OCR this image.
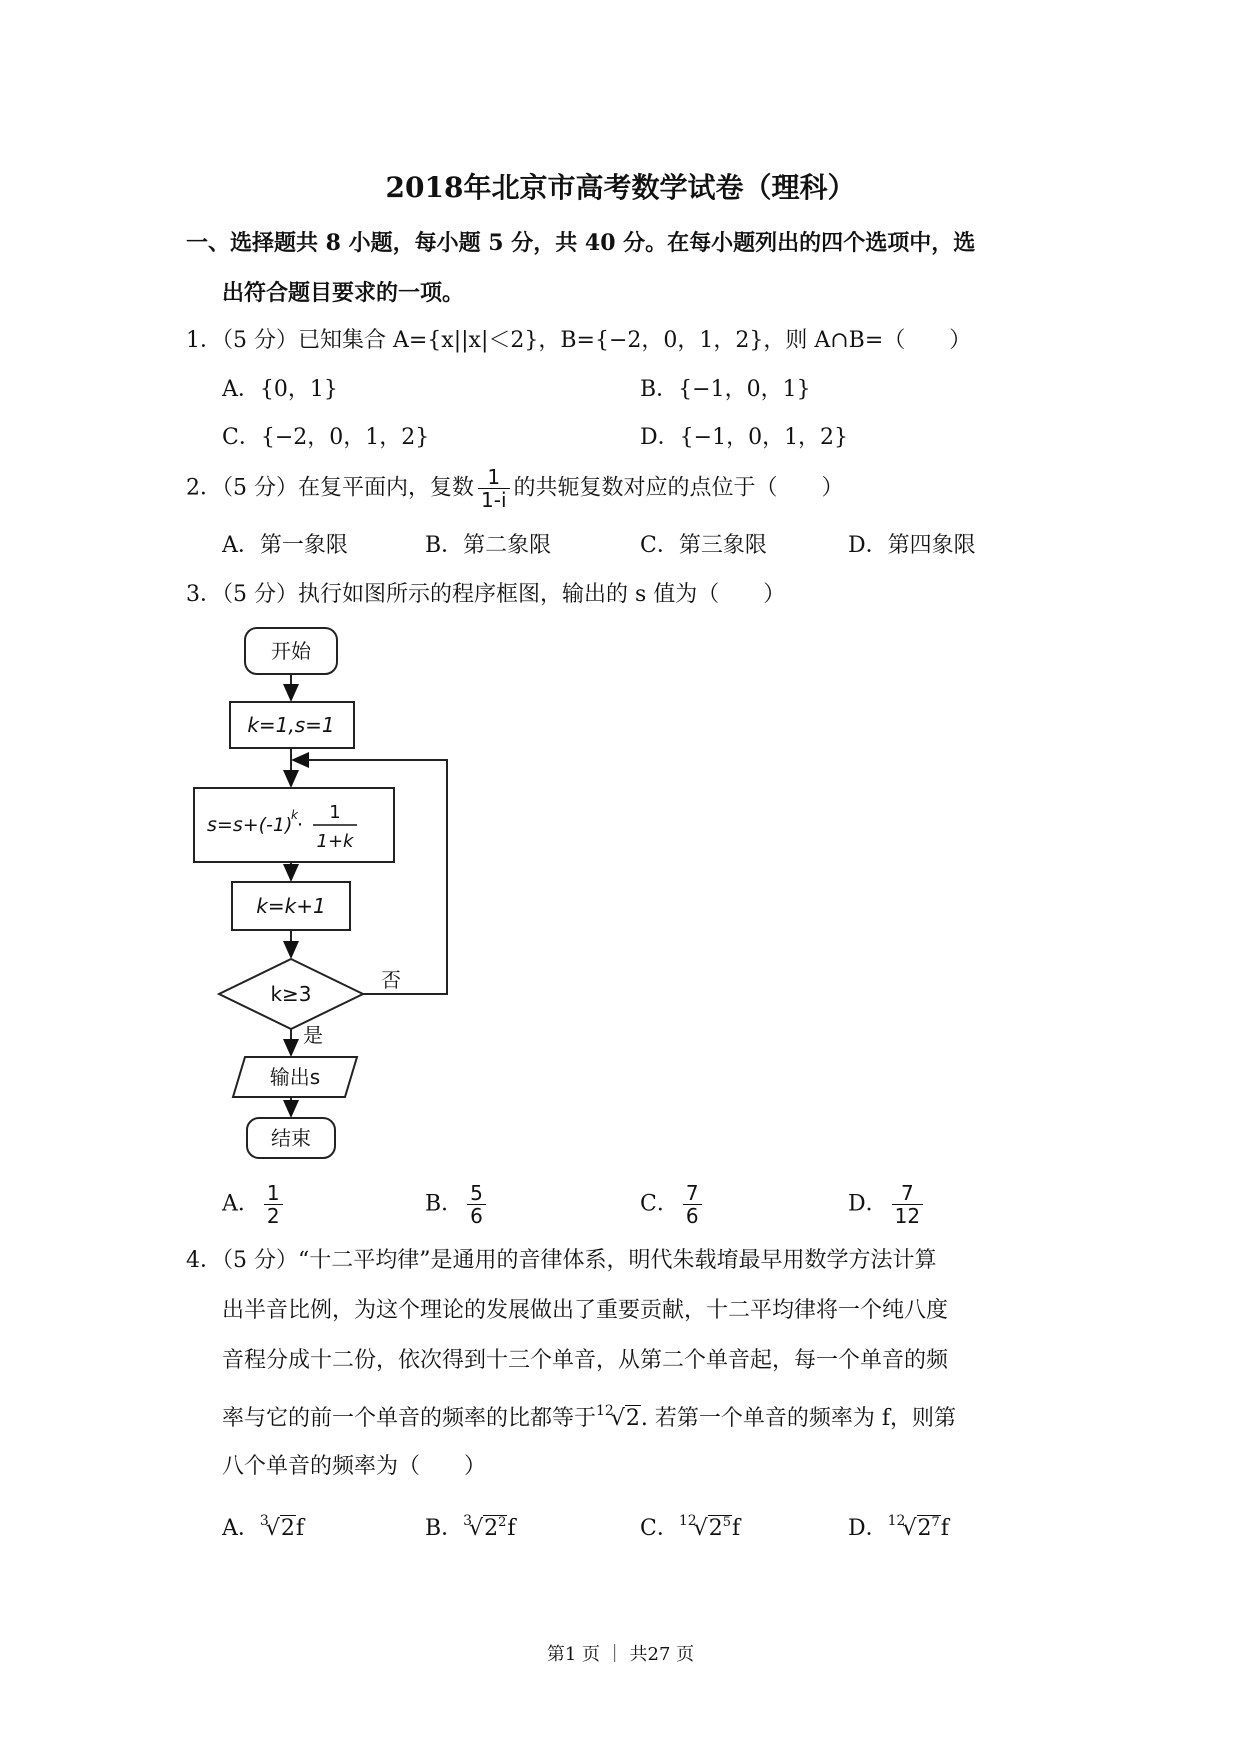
2018年北京市高考数学试卷（理科）
一、选择题共 8 小题，每小题 5 分，共 40 分。在每小题列出的四个选项中，选
出符合题目要求的一项。
1．（5 分）已知集合 A={x||x|＜2}，B={−2，0，1，2}，则 A∩B=（　　）
A．{0，1}	B．{−1，0，1}
C．{−2，0，1，2}	D．{−1，0，1，2}
2．（5 分）在复平面内，复数 $\frac{1}{1-i}$ 的共轭复数对应的点位于（　　）
A．第一象限	B．第二象限	C．第三象限	D．第四象限
3．（5 分）执行如图所示的程序框图，输出的 s 值为（　　）
开始
k=1,s=1
s=s+(-1)
k ·
1
1+k
k=k+1
k≥3
否
是
输出s
结束
A． $\frac{1}{2}$	B． $\frac{5}{6}$	C． $\frac{7}{6}$	D． $\frac{7}{12}$
4．（5 分）“十二平均律”是通用的音律体系，明代朱载堉最早用数学方法计算
出半音比例，为这个理论的发展做出了重要贡献，十二平均律将一个纯八度
音程分成十二份，依次得到十三个单音，从第二个单音起，每一个单音的频
率与它的前一个单音的频率的比都等于$^{12}$√2. 若第一个单音的频率为 f，则第
八个单音的频率为（　　）
A．$^3$√2f	B．$^3√2^2f$	C．$^{12}√2^5f$	D．$^{12}√2^7f$
第1 页 ｜ 共27 页
